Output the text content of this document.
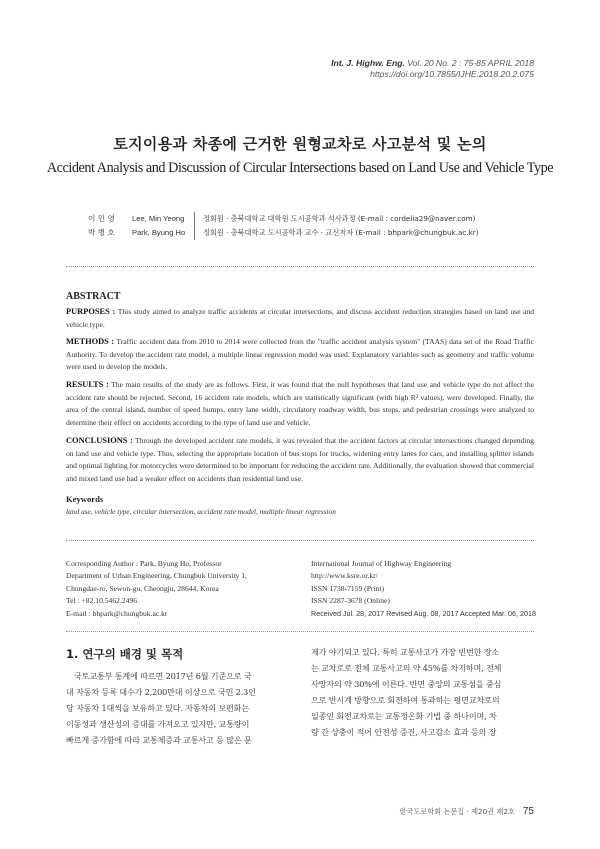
Int. J. Highw. Eng. Vol. 20 No. 2 : 75-85 APRIL 2018
https://doi.org/10.7855/IJHE.2018.20.2.075
토지이용과 차종에 근거한 원형교차로 사고분석 및 논의
Accident Analysis and Discussion of Circular Intersections based on Land Use and Vehicle Type
이 민 영	Lee, Min Yeong	정회원 · 충북대학교 대학원 도시공학과 석사과정 (E-mail : cordelia29@naver.com)
박 병 호	Park, Byung Ho	정회원 · 충북대학교 도시공학과 교수 · 교신저자 (E-mail : bhpark@chungbuk.ac.kr)
ABSTRACT
PURPOSES : This study aimed to analyze traffic accidents at circular intersections, and discuss accident reduction strategies based on land use and vehicle type.
METHODS : Traffic accident data from 2010 to 2014 were collected from the "traffic accident analysis system" (TAAS) data set of the Road Traffic Authority. To develop the accident rate model, a multiple linear regression model was used. Explanatory variables such as geometry and traffic volume were used to develop the models.
RESULTS : The main results of the study are as follows. First, it was found that the null hypotheses that land use and vehicle type do not affect the accident rate should be rejected. Second, 16 accident rate models, which are statistically significant (with high R² values), were developed. Finally, the area of the central island, number of speed humps, entry lane width, circulatory roadway width, bus stops, and pedestrian crossings were analyzed to determine their effect on accidents according to the type of land use and vehicle.
CONCLUSIONS : Through the developed accident rate models, it was revealed that the accident factors at circular intersections changed depending on land use and vehicle type. Thus, selecting the appropriate location of bus stops for trucks, widening entry lanes for cars, and installing splitter islands and optimal lighting for motorcycles were determined to be important for reducing the accident rate. Additionally, the evaluation showed that commercial and mixed land use had a weaker effect on accidents than residential land use.
Keywords
land use, vehicle type, circular intersection, accident rate model, multiple linear regression
Corresponding Author : Park, Byung Ho, Professor
Department of Urban Engineering, Chungbuk University 1,
Chungdae-ro, Sewon-gu, Cheongju, 28644, Korea
Tel : +82.10.5462.2496
E-mail : bhpark@chungbuk.ac.kr
International Journal of Highway Engineering
http://www.ksre.or.kr/
ISSN 1738-7159 (Print)
ISSN 2287-3678 (Online)
Received Jul. 28, 2017 Revised Aug. 08, 2017 Accepted Mar. 06, 2018
1. 연구의 배경 및 목적
국토교통부 통계에 따르면 2017년 6월 기준으로 국
내 자동차 등록 대수가 2,200만대 이상으로 국민 2.3인
당 자동차 1대씩을 보유하고 있다. 자동차의 보편화는
이동성과 생산성의 증대를 가져오고 있지만, 교통량이
빠르게 증가함에 따라 교통체증과 교통사고 등 많은 문
제가 야기되고 있다. 특히 교통사고가 가장 빈번한 장소
는 교차로로 전체 교통사고의 약 45%를 차지하며, 전체
사망자의 약 30%에 이른다. 반면 중앙의 교통섬을 중심
으로 반시계 방향으로 회전하여 통과하는 평면교차로의
일종인 회전교차로는 교통정온화 기법 중 하나이며, 차
량 간 상충이 적어 안전성 증진, 사고감소 효과 등의 장
한국도로학회 논문집 · 제20권 제2호 75
